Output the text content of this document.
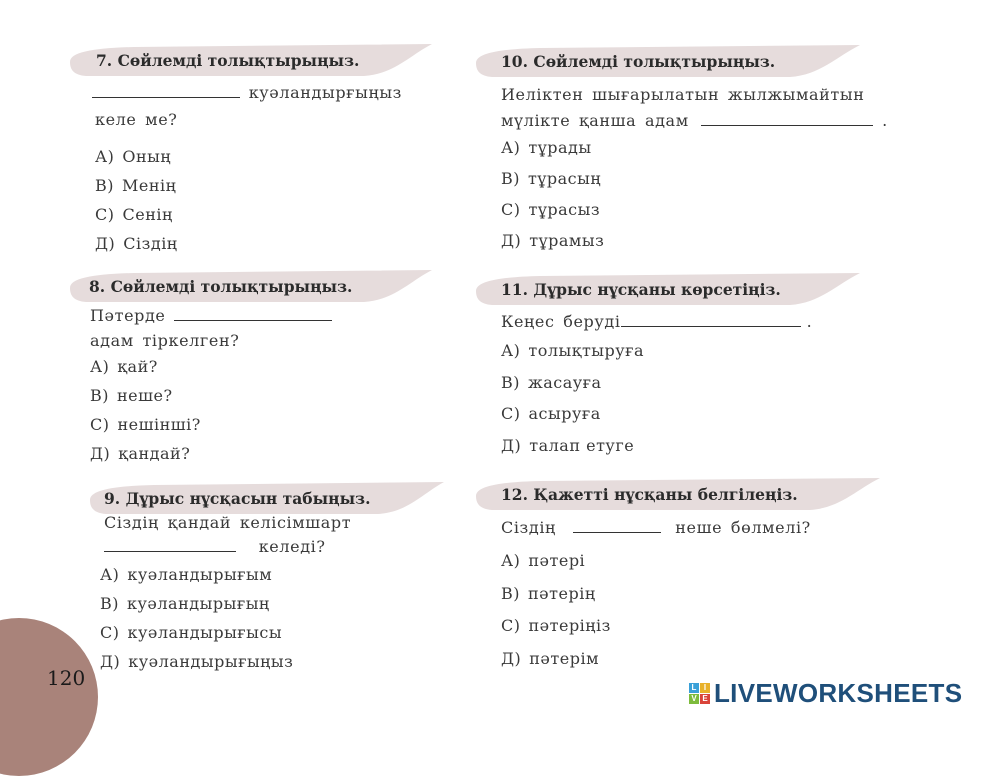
7. Сөйлемді толықтырыңыз.
куәландырғыңыз
келе ме?
А) Оның
В) Менің
С) Сенің
Д) Сіздің
8. Сөйлемді толықтырыңыз.
Пәтерде
адам тіркелген?
А) қай?
В) неше?
С) нешінші?
Д) қандай?
9. Дұрыс нұсқасын табыңыз.
Сіздің қандай келісімшарт
келеді?
А) куәландырығым
В) куәландырығың
С) куәландырығысы
Д) куәландырығыңыз
10. Сөйлемді толықтырыңыз.
Иеліктен шығарылатын жылжымайтын
мүлікте қанша адам	.
А) тұрады
В) тұрасың
С) тұрасыз
Д) тұрамыз
11. Дұрыс нұсқаны көрсетіңіз.
Кеңес беруді	.
А) толықтыруға
В) жасауға
С) асыруға
Д) талап етуге
12. Қажетті нұсқаны белгілеңіз.
Сіздің	неше бөлмелі?
А) пәтері
В) пәтерің
С) пәтеріңіз
Д) пәтерім
120	L I
V E LIVEWORKSHEETS
